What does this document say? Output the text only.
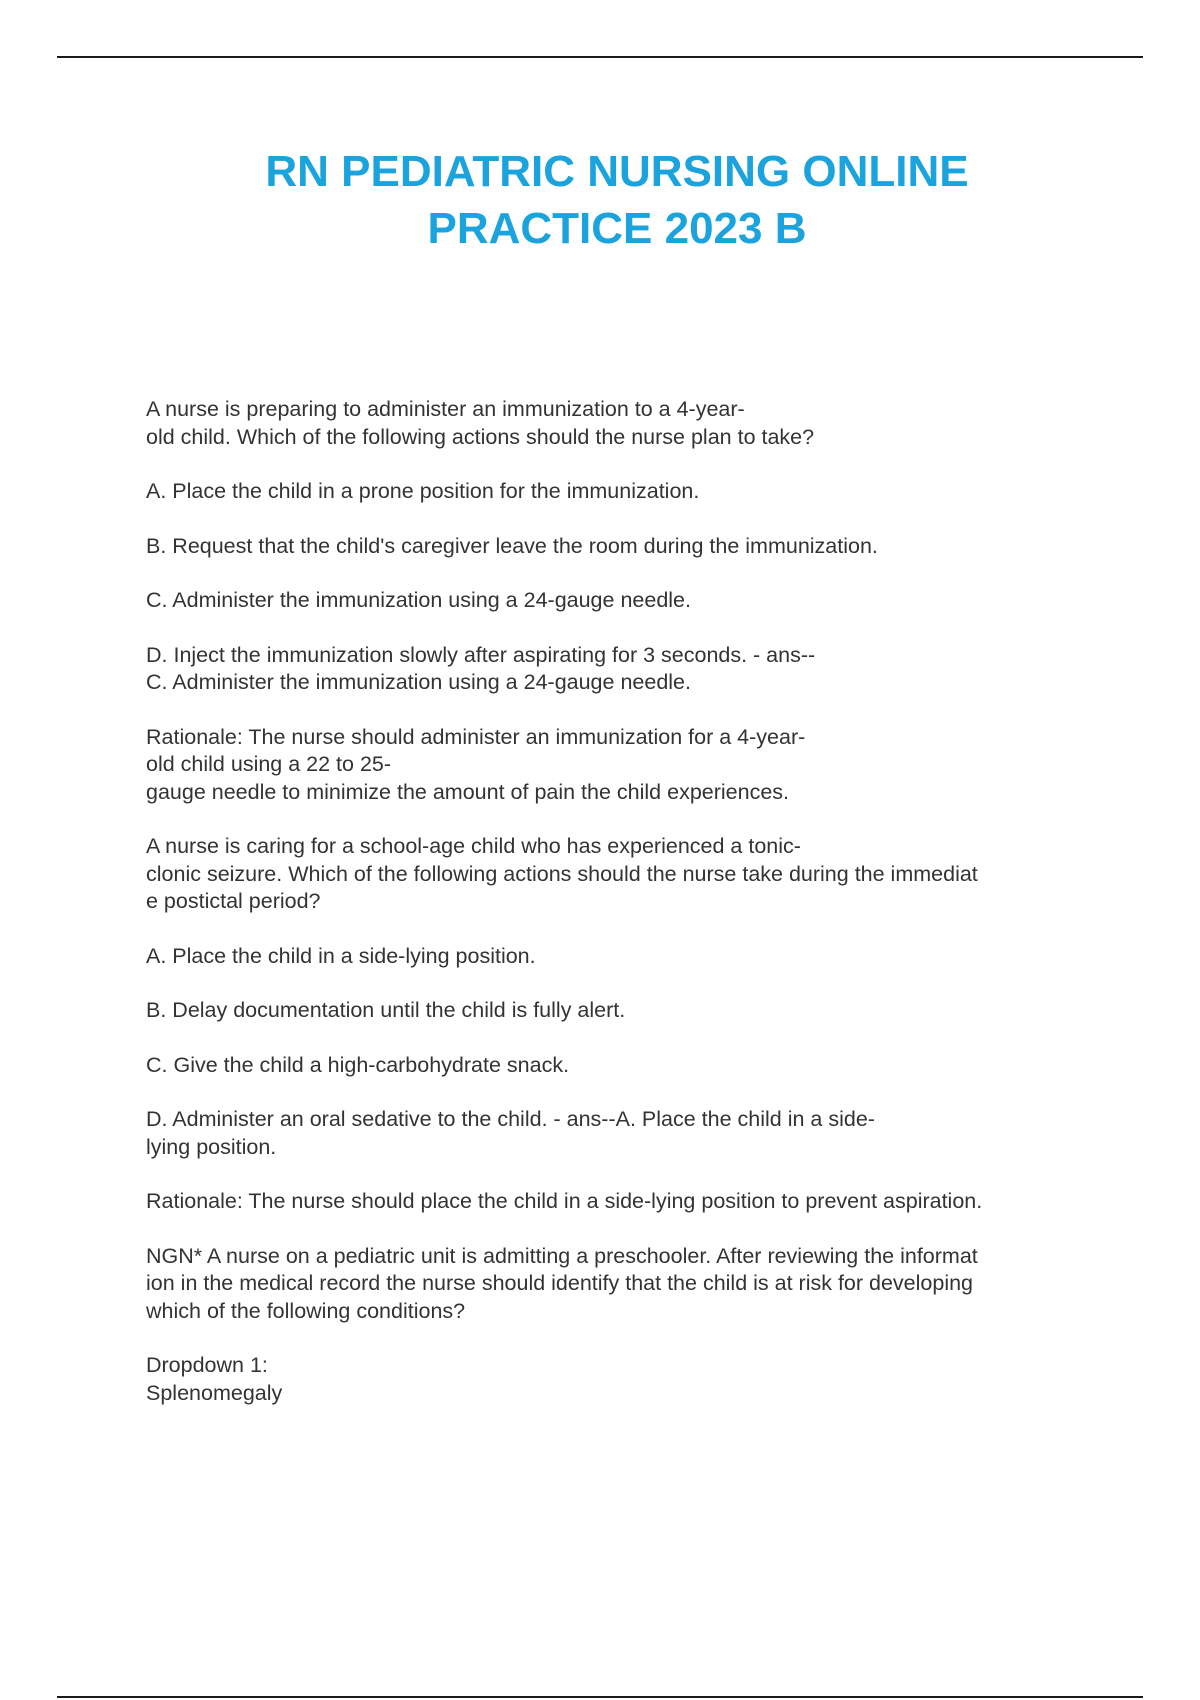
RN PEDIATRIC NURSING ONLINE
PRACTICE 2023 B

A nurse is preparing to administer an immunization to a 4-year-
old child. Which of the following actions should the nurse plan to take?

A. Place the child in a prone position for the immunization.

B. Request that the child's caregiver leave the room during the immunization.

C. Administer the immunization using a 24-gauge needle.

D. Inject the immunization slowly after aspirating for 3 seconds. - ans--
C. Administer the immunization using a 24-gauge needle.

Rationale: The nurse should administer an immunization for a 4-year-
old child using a 22 to 25-
gauge needle to minimize the amount of pain the child experiences.

A nurse is caring for a school-age child who has experienced a tonic-
clonic seizure. Which of the following actions should the nurse take during the immediat
e postictal period?

A. Place the child in a side-lying position.

B. Delay documentation until the child is fully alert.

C. Give the child a high-carbohydrate snack.

D. Administer an oral sedative to the child. - ans--A. Place the child in a side-
lying position.

Rationale: The nurse should place the child in a side-lying position to prevent aspiration.

NGN* A nurse on a pediatric unit is admitting a preschooler. After reviewing the informat
ion in the medical record the nurse should identify that the child is at risk for developing
which of the following conditions?

Dropdown 1:
Splenomegaly
